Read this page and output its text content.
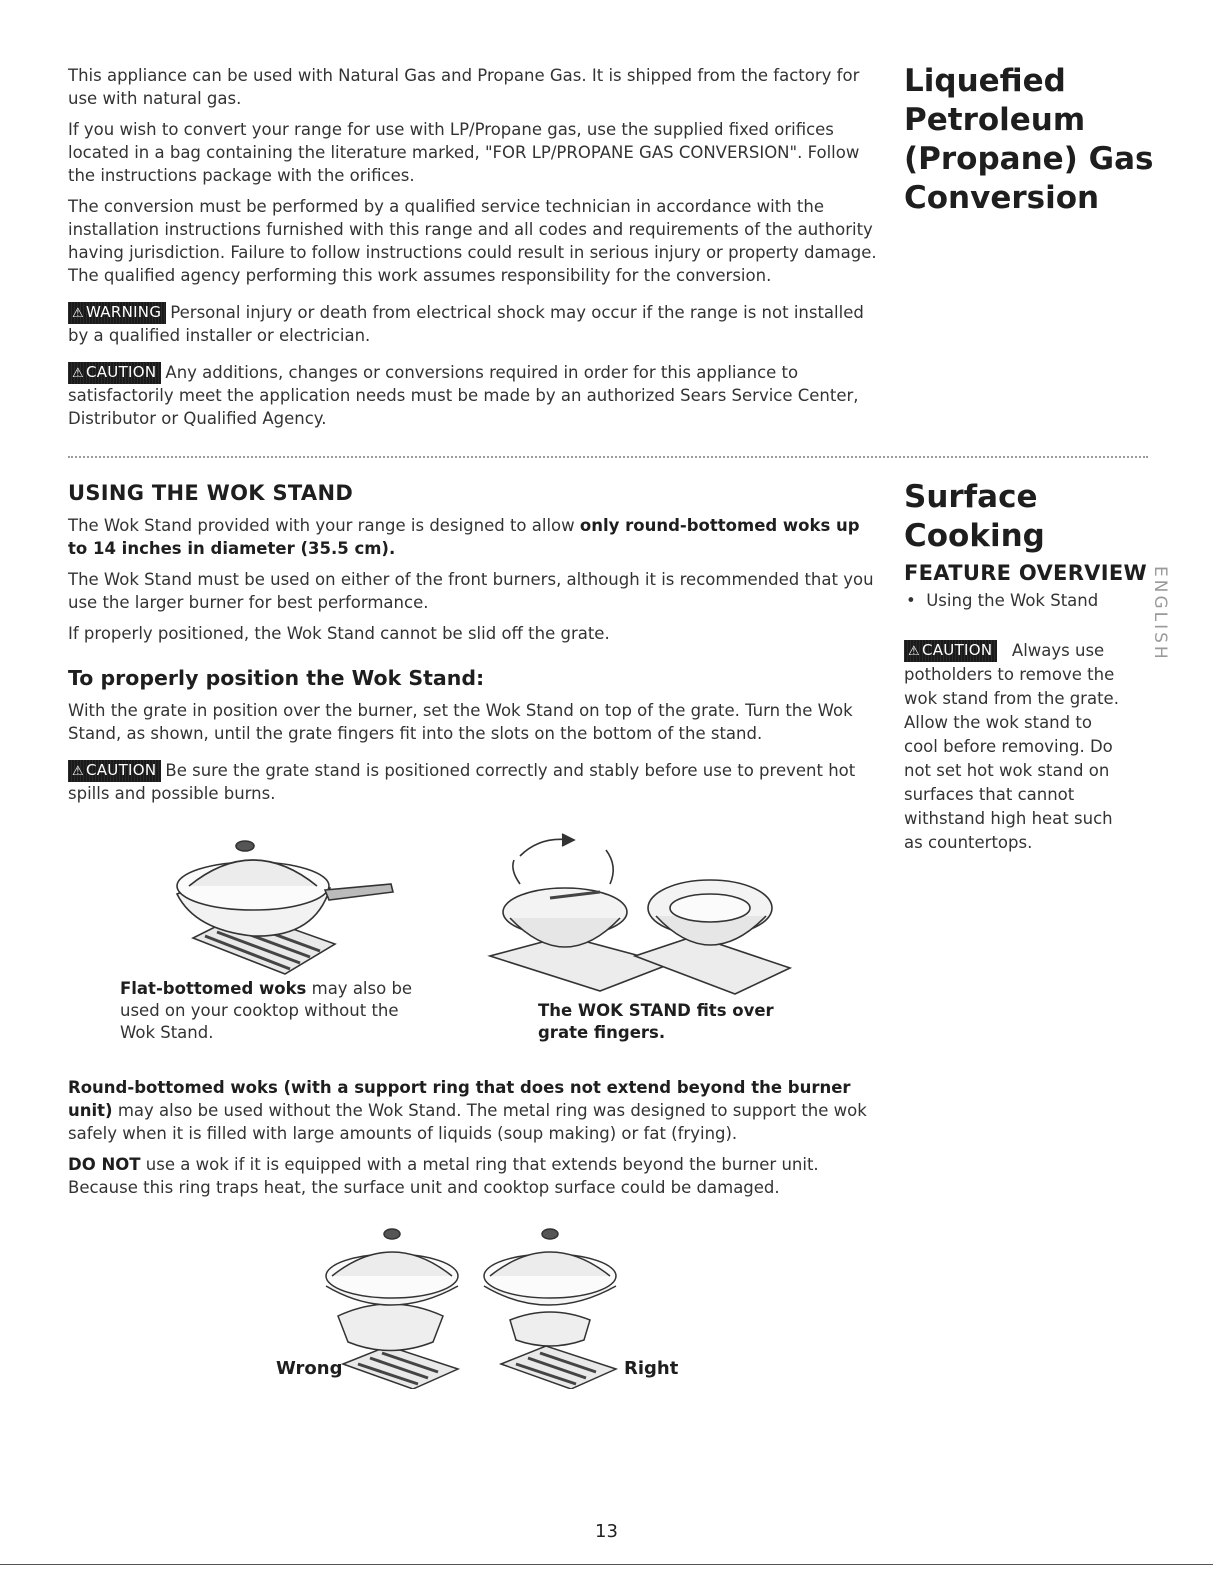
This appliance can be used with Natural Gas and Propane Gas. It is shipped from the factory for use with natural gas.

If you wish to convert your range for use with LP/Propane gas, use the supplied fixed orifices located in a bag containing the literature marked, "FOR LP/PROPANE GAS CONVERSION". Follow the instructions package with the orifices.

The conversion must be performed by a qualified service technician in accordance with the installation instructions furnished with this range and all codes and requirements of the authority having jurisdiction. Failure to follow instructions could result in serious injury or property damage. The qualified agency performing this work assumes responsibility for the conversion.

⚠ WARNING Personal injury or death from electrical shock may occur if the range is not installed by a qualified installer or electrician.

⚠ CAUTION Any additions, changes or conversions required in order for this appliance to satisfactorily meet the application needs must be made by an authorized Sears Service Center, Distributor or Qualified Agency.

Liquefied Petroleum (Propane) Gas Conversion

USING THE WOK STAND

The Wok Stand provided with your range is designed to allow only round-bottomed woks up to 14 inches in diameter (35.5 cm).

The Wok Stand must be used on either of the front burners, although it is recommended that you use the larger burner for best performance.

If properly positioned, the Wok Stand cannot be slid off the grate.

To properly position the Wok Stand:

With the grate in position over the burner, set the Wok Stand on top of the grate. Turn the Wok Stand, as shown, until the grate fingers fit into the slots on the bottom of the stand.

⚠ CAUTION Be sure the grate stand is positioned correctly and stably before use to prevent hot spills and possible burns.

Flat-bottomed woks may also be used on your cooktop without the Wok Stand.
The WOK STAND fits over grate fingers.

Round-bottomed woks (with a support ring that does not extend beyond the burner unit) may also be used without the Wok Stand. The metal ring was designed to support the wok safely when it is filled with large amounts of liquids (soup making) or fat (frying).

DO NOT use a wok if it is equipped with a metal ring that extends beyond the burner unit. Because this ring traps heat, the surface unit and cooktop surface could be damaged.

Wrong	Right

Surface

Cooking

FEATURE OVERVIEW

• Using the Wok Stand
⚠ CAUTION Always use potholders to remove the wok stand from the grate. Allow the wok stand to cool before removing. Do not set hot wok stand on surfaces that cannot withstand high heat such as countertops.
ENGLISH
13
